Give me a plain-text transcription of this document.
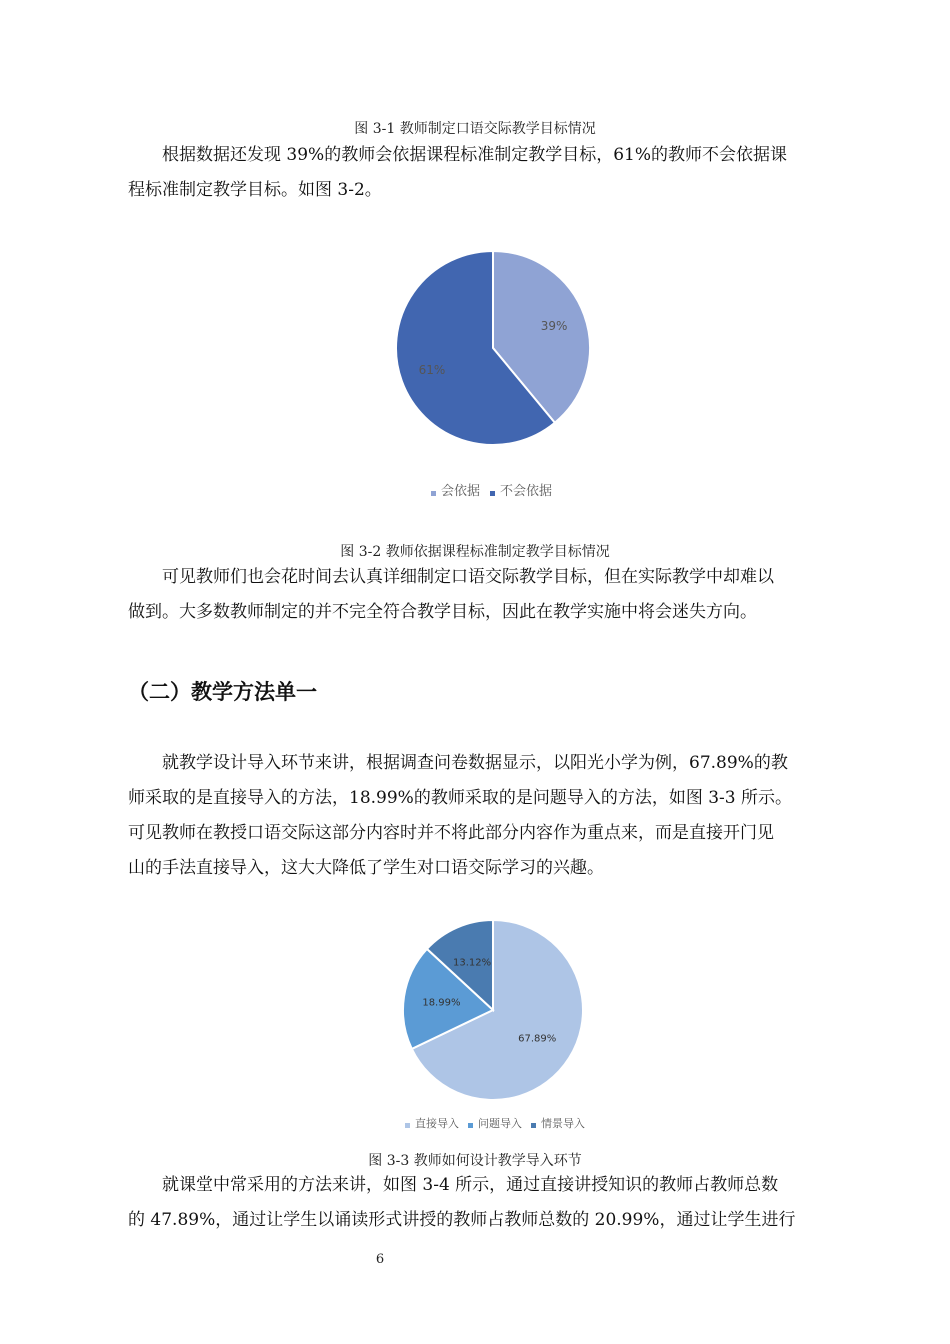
图 3-1 教师制定口语交际教学目标情况

根据数据还发现 39%的教师会依据课程标准制定教学目标，61%的教师不会依据课
程标准制定教学目标。如图 3-2。

39%
61%
会依据 不会依据
图 3-2 教师依据课程标准制定教学目标情况

可见教师们也会花时间去认真详细制定口语交际教学目标，但在实际教学中却难以
做到。大多数教师制定的并不完全符合教学目标，因此在教学实施中将会迷失方向。

（二）教学方法单一

就教学设计导入环节来讲，根据调查问卷数据显示，以阳光小学为例，67.89%的教
师采取的是直接导入的方法，18.99%的教师采取的是问题导入的方法，如图 3-3 所示。
可见教师在教授口语交际这部分内容时并不将此部分内容作为重点来，而是直接开门见
山的手法直接导入，这大大降低了学生对口语交际学习的兴趣。

67.89%
18.99%
13.12%
直接导入 问题导入 情景导入
图 3-3 教师如何设计教学导入环节

就课堂中常采用的方法来讲，如图 3-4 所示，通过直接讲授知识的教师占教师总数
的 47.89%，通过让学生以诵读形式讲授的教师占教师总数的 20.99%，通过让学生进行

6
